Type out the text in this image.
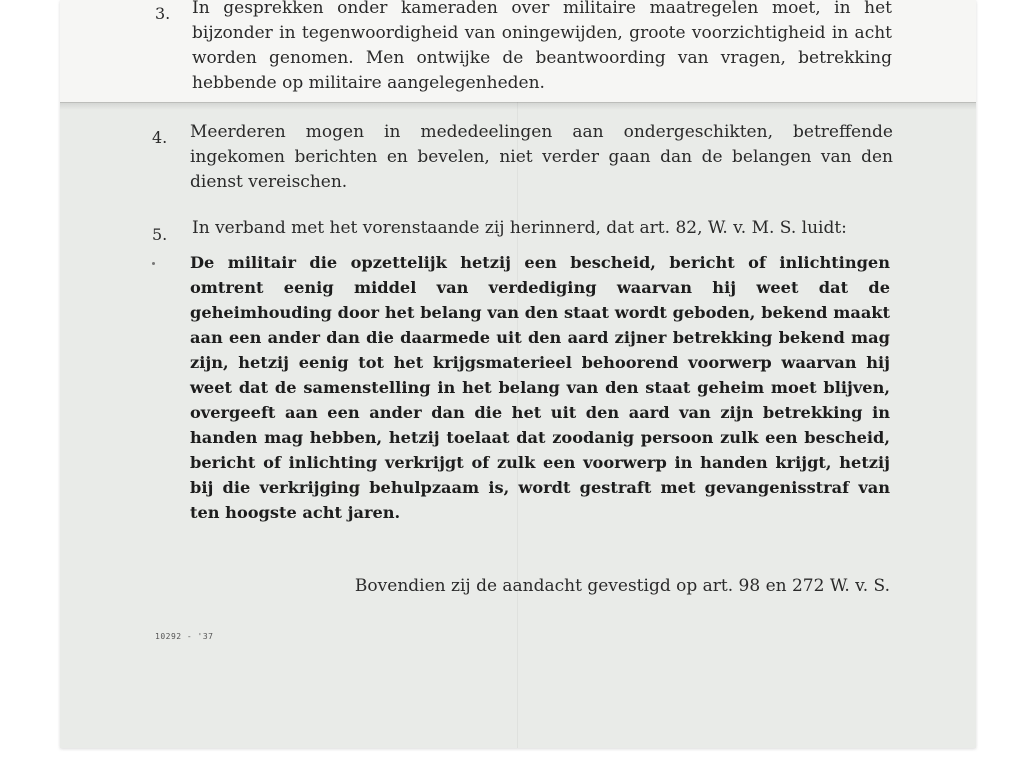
3. In gesprekken onder kameraden over militaire maatregelen moet, in het bijzonder in tegenwoordigheid van oningewijden, groote voorzichtigheid in acht worden genomen. Men ontwijke de beantwoording van vragen, betrekking hebbende op militaire aangelegenheden.

4. Meerderen mogen in mededeelingen aan ondergeschikten, betreffende ingekomen berichten en bevelen, niet verder gaan dan de belangen van den dienst vereischen.

5. In verband met het vorenstaande zij herinnerd, dat art. 82, W. v. M. S. luidt:

De militair die opzettelijk hetzij een bescheid, bericht of inlichtingen omtrent eenig middel van verdediging waarvan hij weet dat de geheimhouding door het belang van den staat wordt geboden, bekend maakt aan een ander dan die daarmede uit den aard zijner betrekking bekend mag zijn, hetzij eenig tot het krijgsmaterieel behoorend voorwerp waarvan hij weet dat de samenstelling in het belang van den staat geheim moet blijven, overgeeft aan een ander dan die het uit den aard van zijn betrekking in handen mag hebben, hetzij toelaat dat zoodanig persoon zulk een bescheid, bericht of inlichting verkrijgt of zulk een voorwerp in handen krijgt, hetzij bij die verkrijging behulpzaam is, wordt gestraft met gevangenisstraf van ten hoogste acht jaren.

Bovendien zij de aandacht gevestigd op art. 98 en 272 W. v. S.
10292 - '37
